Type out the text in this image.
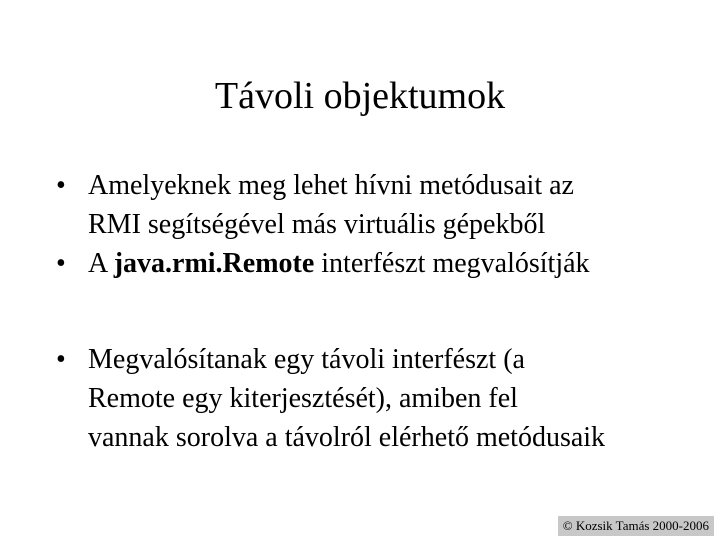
Távoli objektumok
• Amelyeknek meg lehet hívni metódusait az
RMI segítségével más virtuális gépekből
• A java.rmi.Remote interfészt megvalósítják
• Megvalósítanak egy távoli interfészt (a
Remote egy kiterjesztését), amiben fel
vannak sorolva a távolról elérhető metódusaik
© Kozsik Tamás 2000-2006
